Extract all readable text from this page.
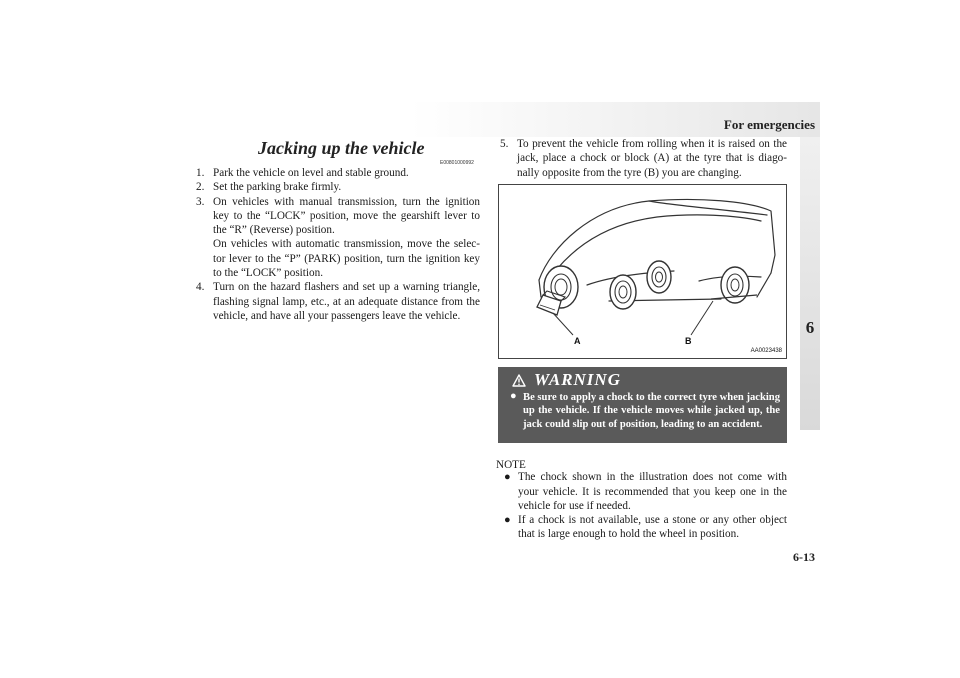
For emergencies
6
Jacking up the vehicle
E00801000992
1. Park the vehicle on level and stable ground.

2. Set the parking brake firmly.

3. On vehicles with manual transmission, turn the ignition key to the “LOCK” position, move the gearshift lever to the “R” (Reverse) position.

On vehicles with automatic transmission, move the selec-tor lever to the “P” (PARK) position, turn the ignition key to the “LOCK” position.

4. Turn on the hazard flashers and set up a warning triangle, flashing signal lamp, etc., at an adequate distance from the vehicle, and have all your passengers leave the vehicle.

5. To prevent the vehicle from rolling when it is raised on the jack, place a chock or block (A) at the tyre that is diago-nally opposite from the tyre (B) you are changing.

A	B
AA0023438
WARNING
● Be sure to apply a chock to the correct tyre when jacking up the vehicle. If the vehicle moves while jacked up, the jack could slip out of position, leading to an accident.
NOTE
● The chock shown in the illustration does not come with your vehicle. It is recommended that you keep one in the vehicle for use if needed.
● If a chock is not available, use a stone or any other object that is large enough to hold the wheel in position.
6-13
